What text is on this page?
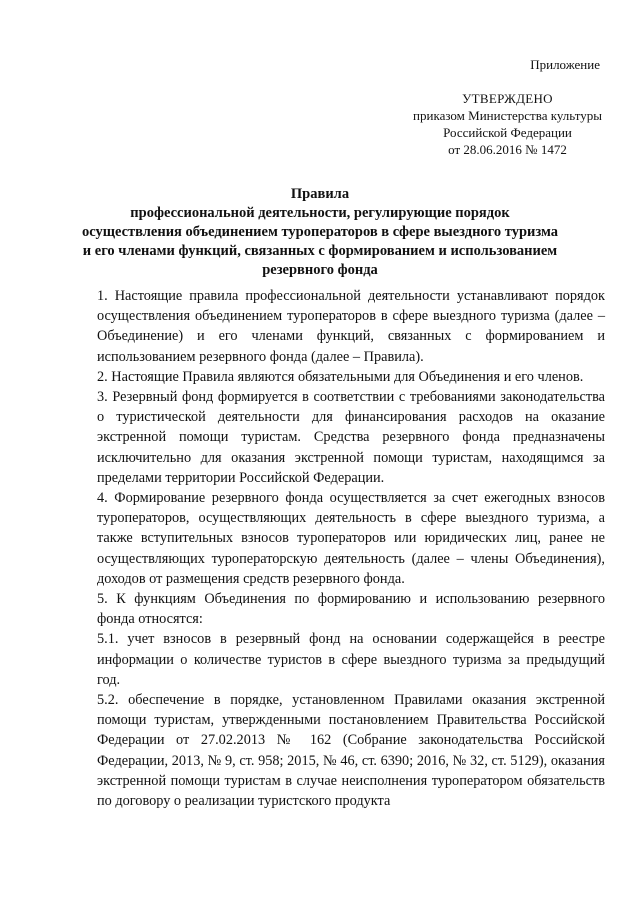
Приложение
УТВЕРЖДЕНО
приказом Министерства культуры
Российской Федерации
от 28.06.2016 № 1472
Правила
профессиональной деятельности, регулирующие порядок
осуществления объединением туроператоров в сфере выездного туризма
и его членами функций, связанных с формированием и использованием
резервного фонда

1. Настоящие правила профессиональной деятельности устанавливают порядок осуществления объединением туроператоров в сфере выездного туризма (далее – Объединение) и его членами функций, связанных с формированием и использованием резервного фонда (далее – Правила).

2. Настоящие Правила являются обязательными для Объединения и его членов.

3. Резервный фонд формируется в соответствии с требованиями законодательства о туристической деятельности для финансирования расходов на оказание экстренной помощи туристам. Средства резервного фонда предназначены исключительно для оказания экстренной помощи туристам, находящимся за пределами территории Российской Федерации.

4. Формирование резервного фонда осуществляется за счет ежегодных взносов туроператоров, осуществляющих деятельность в сфере выездного туризма, а также вступительных взносов туроператоров или юридических лиц, ранее не осуществляющих туроператорскую деятельность (далее – члены Объединения), доходов от размещения средств резервного фонда.

5. К функциям Объединения по формированию и использованию резервного фонда относятся:

5.1. учет взносов в резервный фонд на основании содержащейся в реестре информации о количестве туристов в сфере выездного туризма за предыдущий год.

5.2. обеспечение в порядке, установленном Правилами оказания экстренной помощи туристам, утвержденными постановлением Правительства Российской Федерации от 27.02.2013 № 162 (Собрание законодательства Российской Федерации, 2013, № 9, ст. 958; 2015, № 46, ст. 6390; 2016, № 32, ст. 5129), оказания экстренной помощи туристам в случае неисполнения туроператором обязательств по договору о реализации туристского продукта
